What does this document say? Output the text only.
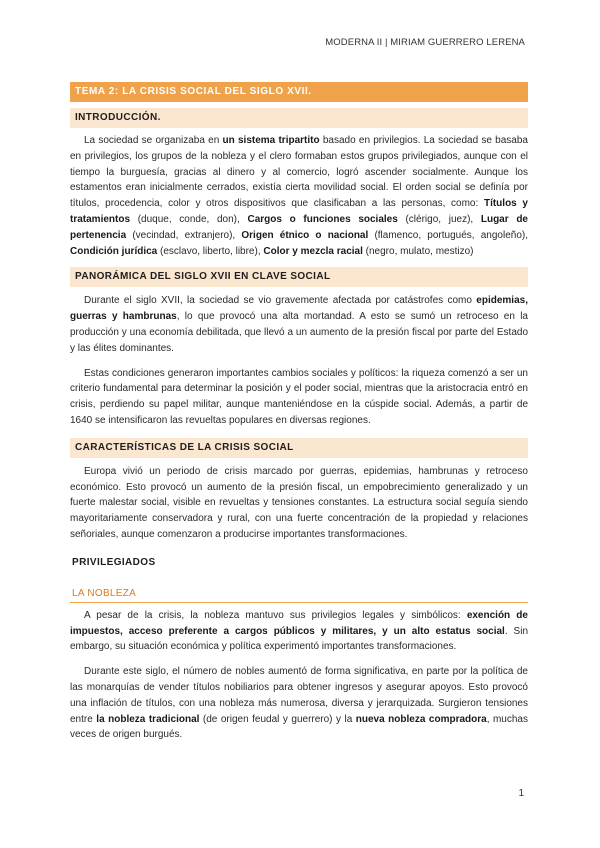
MODERNA II | MIRIAM GUERRERO LERENA
TEMA 2: LA CRISIS SOCIAL DEL SIGLO XVII.
INTRODUCCIÓN.

La sociedad se organizaba en un sistema tripartito basado en privilegios. La sociedad se basaba en privilegios, los grupos de la nobleza y el clero formaban estos grupos privilegiados, aunque con el tiempo la burguesía, gracias al dinero y al comercio, logró ascender socialmente. Aunque los estamentos eran inicialmente cerrados, existía cierta movilidad social. El orden social se definía por títulos, procedencia, color y otros dispositivos que clasificaban a las personas, como: Títulos y tratamientos (duque, conde, don), Cargos o funciones sociales (clérigo, juez), Lugar de pertenencia (vecindad, extranjero), Origen étnico o nacional (flamenco, portugués, angoleño), Condición jurídica (esclavo, liberto, libre), Color y mezcla racial (negro, mulato, mestizo)

PANORÁMICA DEL SIGLO XVII EN CLAVE SOCIAL

Durante el siglo XVII, la sociedad se vio gravemente afectada por catástrofes como epidemias, guerras y hambrunas, lo que provocó una alta mortandad. A esto se sumó un retroceso en la producción y una economía debilitada, que llevó a un aumento de la presión fiscal por parte del Estado y las élites dominantes.

Estas condiciones generaron importantes cambios sociales y políticos: la riqueza comenzó a ser un criterio fundamental para determinar la posición y el poder social, mientras que la aristocracia entró en crisis, perdiendo su papel militar, aunque manteniéndose en la cúspide social. Además, a partir de 1640 se intensificaron las revueltas populares en diversas regiones.

CARACTERÍSTICAS DE LA CRISIS SOCIAL

Europa vivió un periodo de crisis marcado por guerras, epidemias, hambrunas y retroceso económico. Esto provocó un aumento de la presión fiscal, un empobrecimiento generalizado y un fuerte malestar social, visible en revueltas y tensiones constantes. La estructura social seguía siendo mayoritariamente conservadora y rural, con una fuerte concentración de la propiedad y relaciones señoriales, aunque comenzaron a producirse importantes transformaciones.

PRIVILEGIADOS
LA NOBLEZA

A pesar de la crisis, la nobleza mantuvo sus privilegios legales y simbólicos: exención de impuestos, acceso preferente a cargos públicos y militares, y un alto estatus social. Sin embargo, su situación económica y política experimentó importantes transformaciones.

Durante este siglo, el número de nobles aumentó de forma significativa, en parte por la política de las monarquías de vender títulos nobiliarios para obtener ingresos y asegurar apoyos. Esto provocó una inflación de títulos, con una nobleza más numerosa, diversa y jerarquizada. Surgieron tensiones entre la nobleza tradicional (de origen feudal y guerrero) y la nueva nobleza compradora, muchas veces de origen burgués.

1
